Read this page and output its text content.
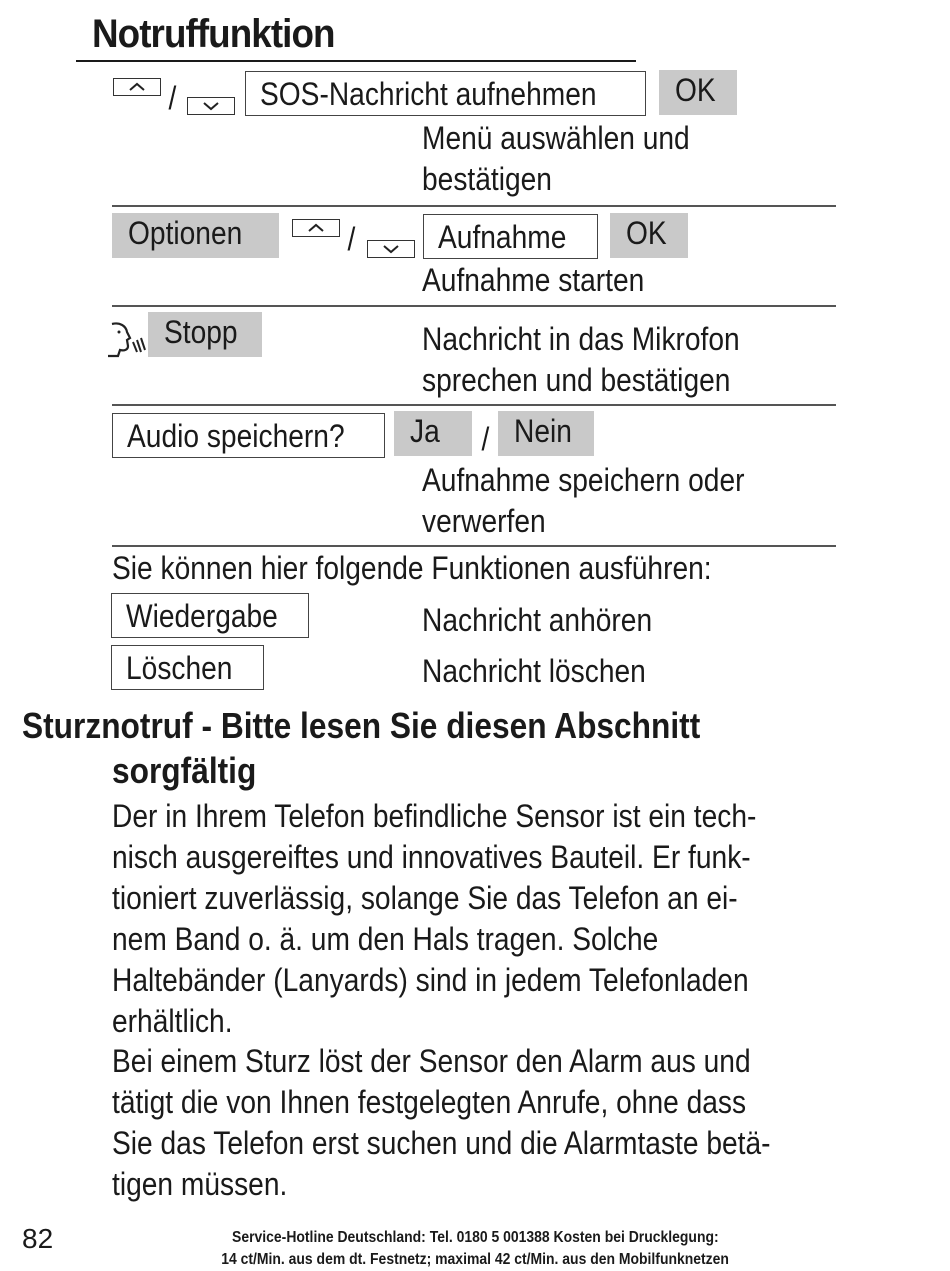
Notruffunktion
/	SOS-Nachricht aufnehmen OK
Menü auswählen und
bestätigen
Optionen	/	Aufnahme OK
Aufnahme starten
Stopp	Nachricht in das Mikrofon
sprechen und bestätigen
Audio speichern? Ja / Nein
Aufnahme speichern oder
verwerfen
Sie können hier folgende Funktionen ausführen:
Wiedergabe	Nachricht anhören
Löschen	Nachricht löschen
Sturznotruf - Bitte lesen Sie diesen Abschnitt
sorgfältig
Der in Ihrem Telefon befindliche Sensor ist ein tech-
nisch ausgereiftes und innovatives Bauteil. Er funk-
tioniert zuverlässig, solange Sie das Telefon an ei-
nem Band o. ä. um den Hals tragen. Solche
Haltebänder (Lanyards) sind in jedem Telefonladen
erhältlich.
Bei einem Sturz löst der Sensor den Alarm aus und
tätigt die von Ihnen festgelegten Anrufe, ohne dass
Sie das Telefon erst suchen und die Alarmtaste betä-
tigen müssen.
82	Service-Hotline Deutschland: Tel. 0180 5 001388 Kosten bei Drucklegung:
14 ct/Min. aus dem dt. Festnetz; maximal 42 ct/Min. aus den Mobilfunknetzen
